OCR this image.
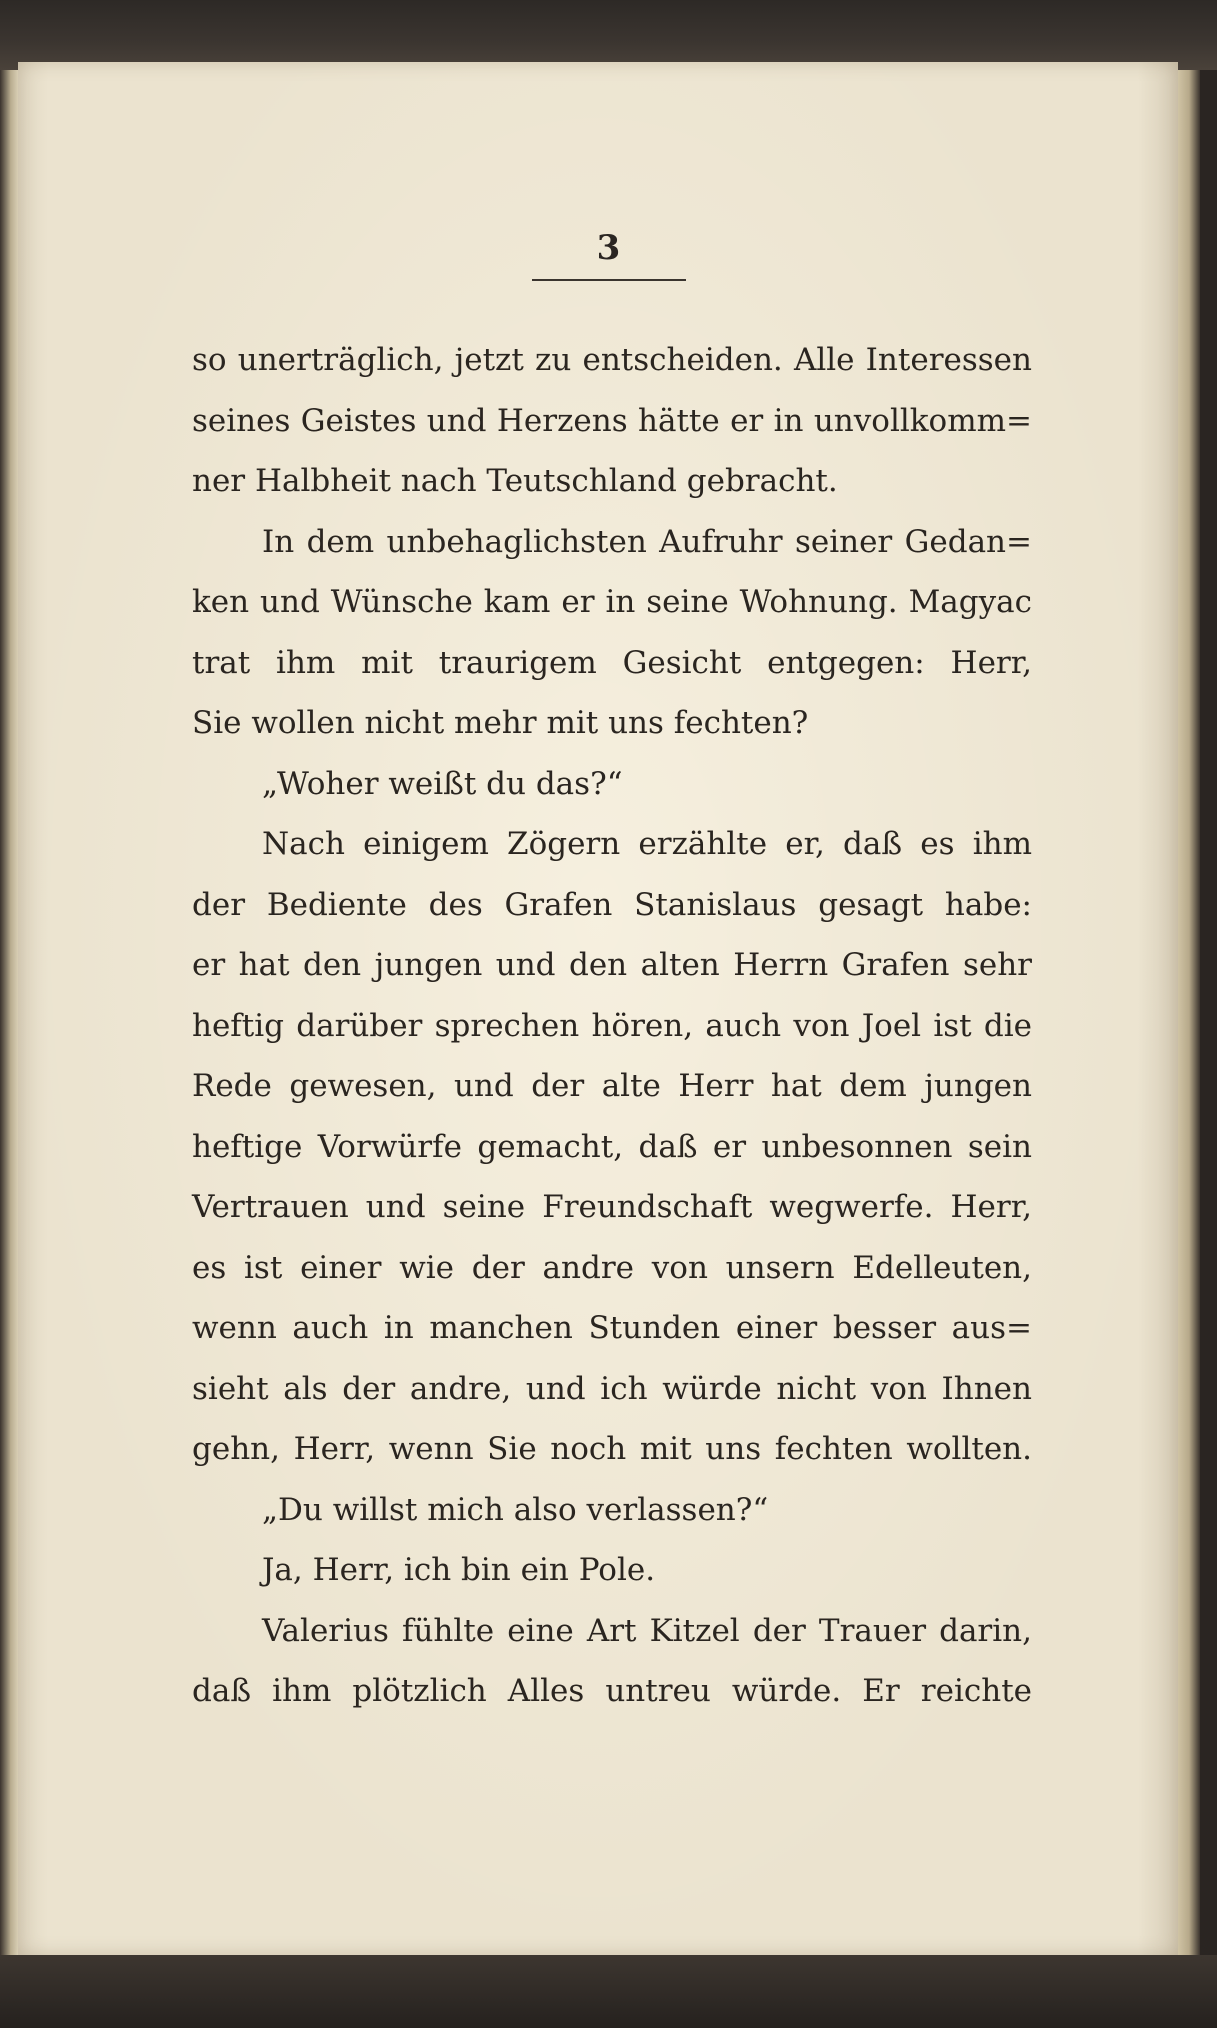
3
so unerträglich, jetzt zu entscheiden. Alle Interessen
seines Geistes und Herzens hätte er in unvollkomm=
ner Halbheit nach Teutschland gebracht.
In dem unbehaglichsten Aufruhr seiner Gedan=
ken und Wünsche kam er in seine Wohnung. Magyac
trat ihm mit traurigem Gesicht entgegen: Herr,
Sie wollen nicht mehr mit uns fechten?
„Woher weißt du das?“
Nach einigem Zögern erzählte er, daß es ihm
der Bediente des Grafen Stanislaus gesagt habe:
er hat den jungen und den alten Herrn Grafen sehr
heftig darüber sprechen hören, auch von Joel ist die
Rede gewesen, und der alte Herr hat dem jungen
heftige Vorwürfe gemacht, daß er unbesonnen sein
Vertrauen und seine Freundschaft wegwerfe. Herr,
es ist einer wie der andre von unsern Edelleuten,
wenn auch in manchen Stunden einer besser aus=
sieht als der andre, und ich würde nicht von Ihnen
gehn, Herr, wenn Sie noch mit uns fechten wollten.
„Du willst mich also verlassen?“
Ja, Herr, ich bin ein Pole.
Valerius fühlte eine Art Kitzel der Trauer darin,
daß ihm plötzlich Alles untreu würde. Er reichte
